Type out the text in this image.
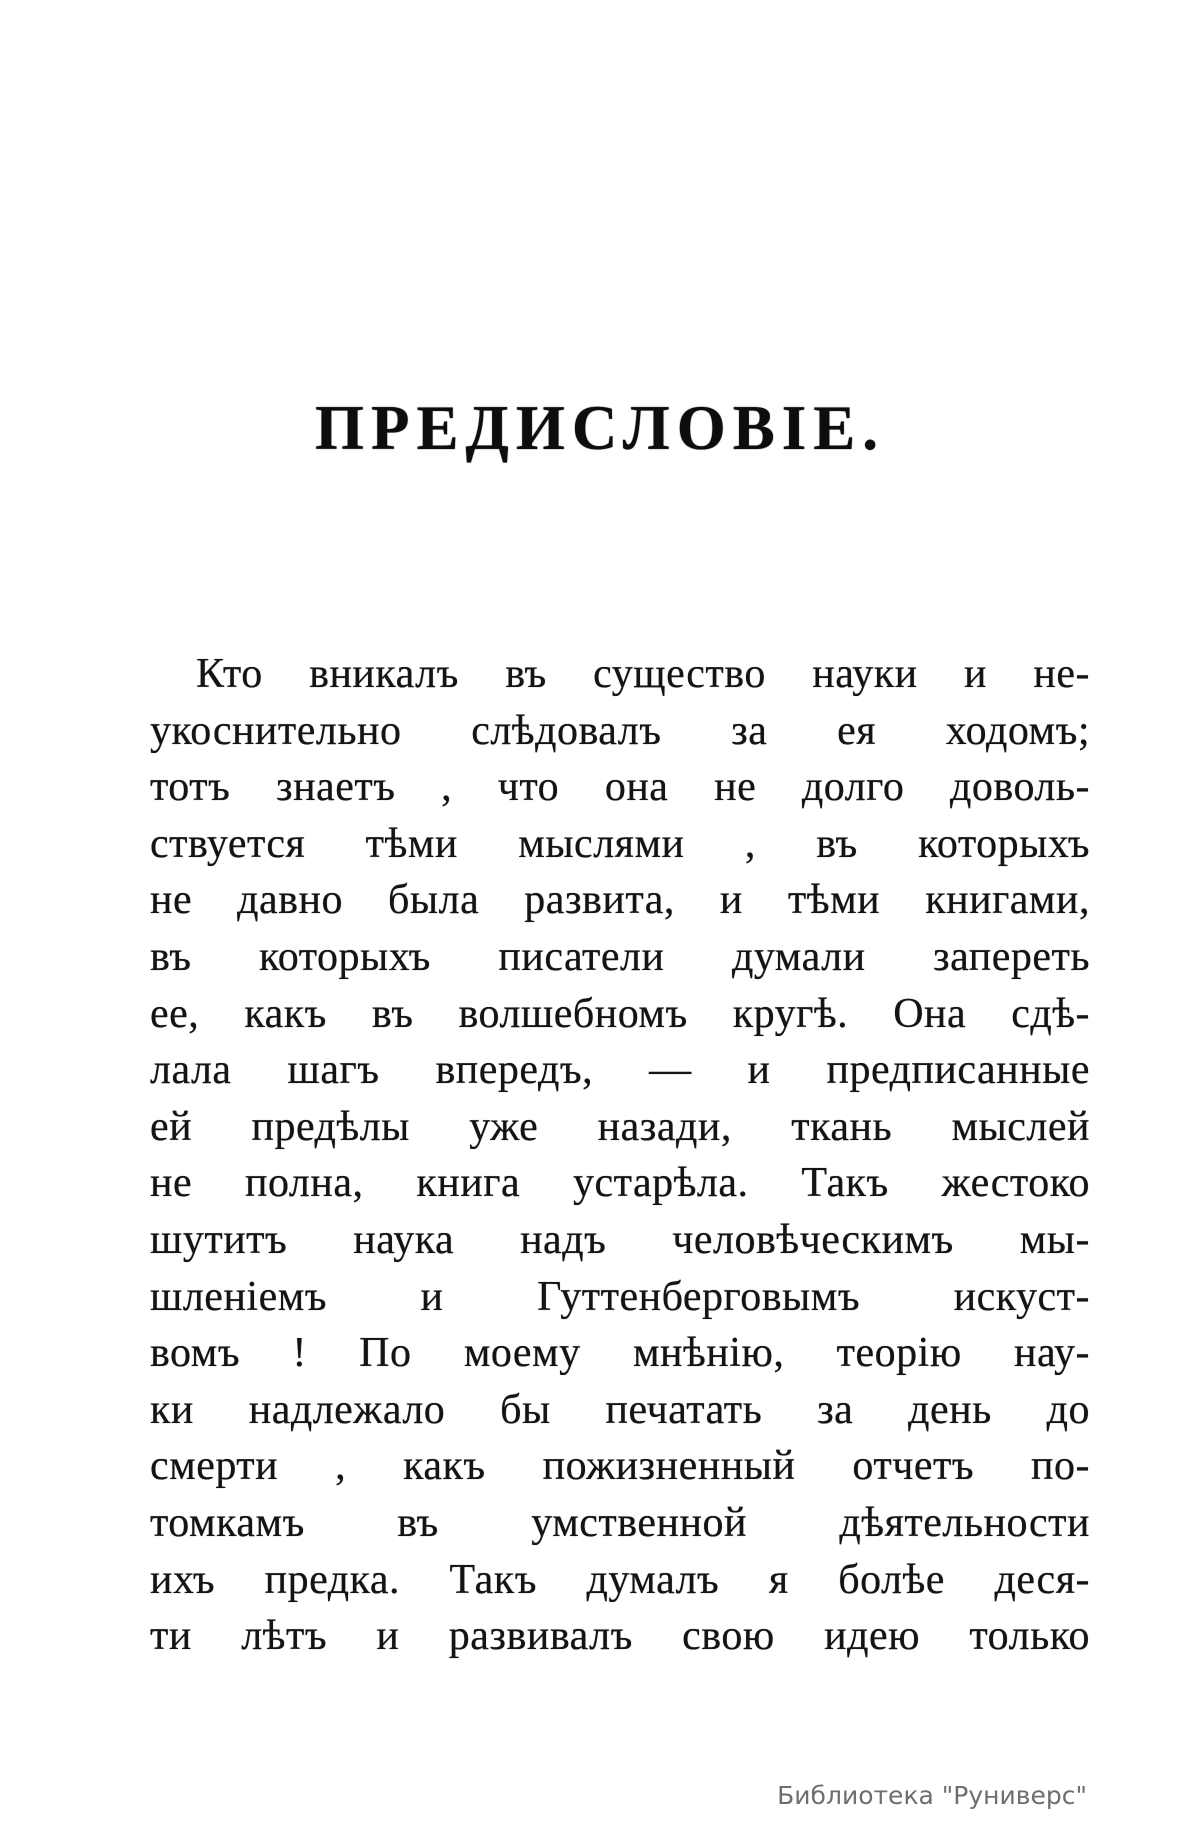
ПРЕДИСЛОВІЕ.
Кто вникалъ въ существо науки и не-
укоснительно слѣдовалъ за ея ходомъ;
тотъ знаетъ , что она не долго доволь-
ствуется тѣми мыслями , въ которыхъ
не давно была развита, и тѣми книгами,
въ которыхъ писатели думали запереть
ее, какъ въ волшебномъ кругѣ. Она сдѣ-
лала шагъ впередъ, — и предписанные
ей предѣлы уже назади, ткань мыслей
не полна, книга устарѣла. Такъ жестоко
шутитъ наука надъ человѣческимъ мы-
шленіемъ и Гуттенберговымъ искуст-
вомъ ! По моему мнѣнію, теорію нау-
ки надлежало бы печатать за день до
смерти , какъ пожизненный отчетъ по-
томкамъ въ умственной дѣятельности
ихъ предка. Такъ думалъ я болѣе деся-
ти лѣтъ и развивалъ свою идею только
Библиотека "Руниверс"
